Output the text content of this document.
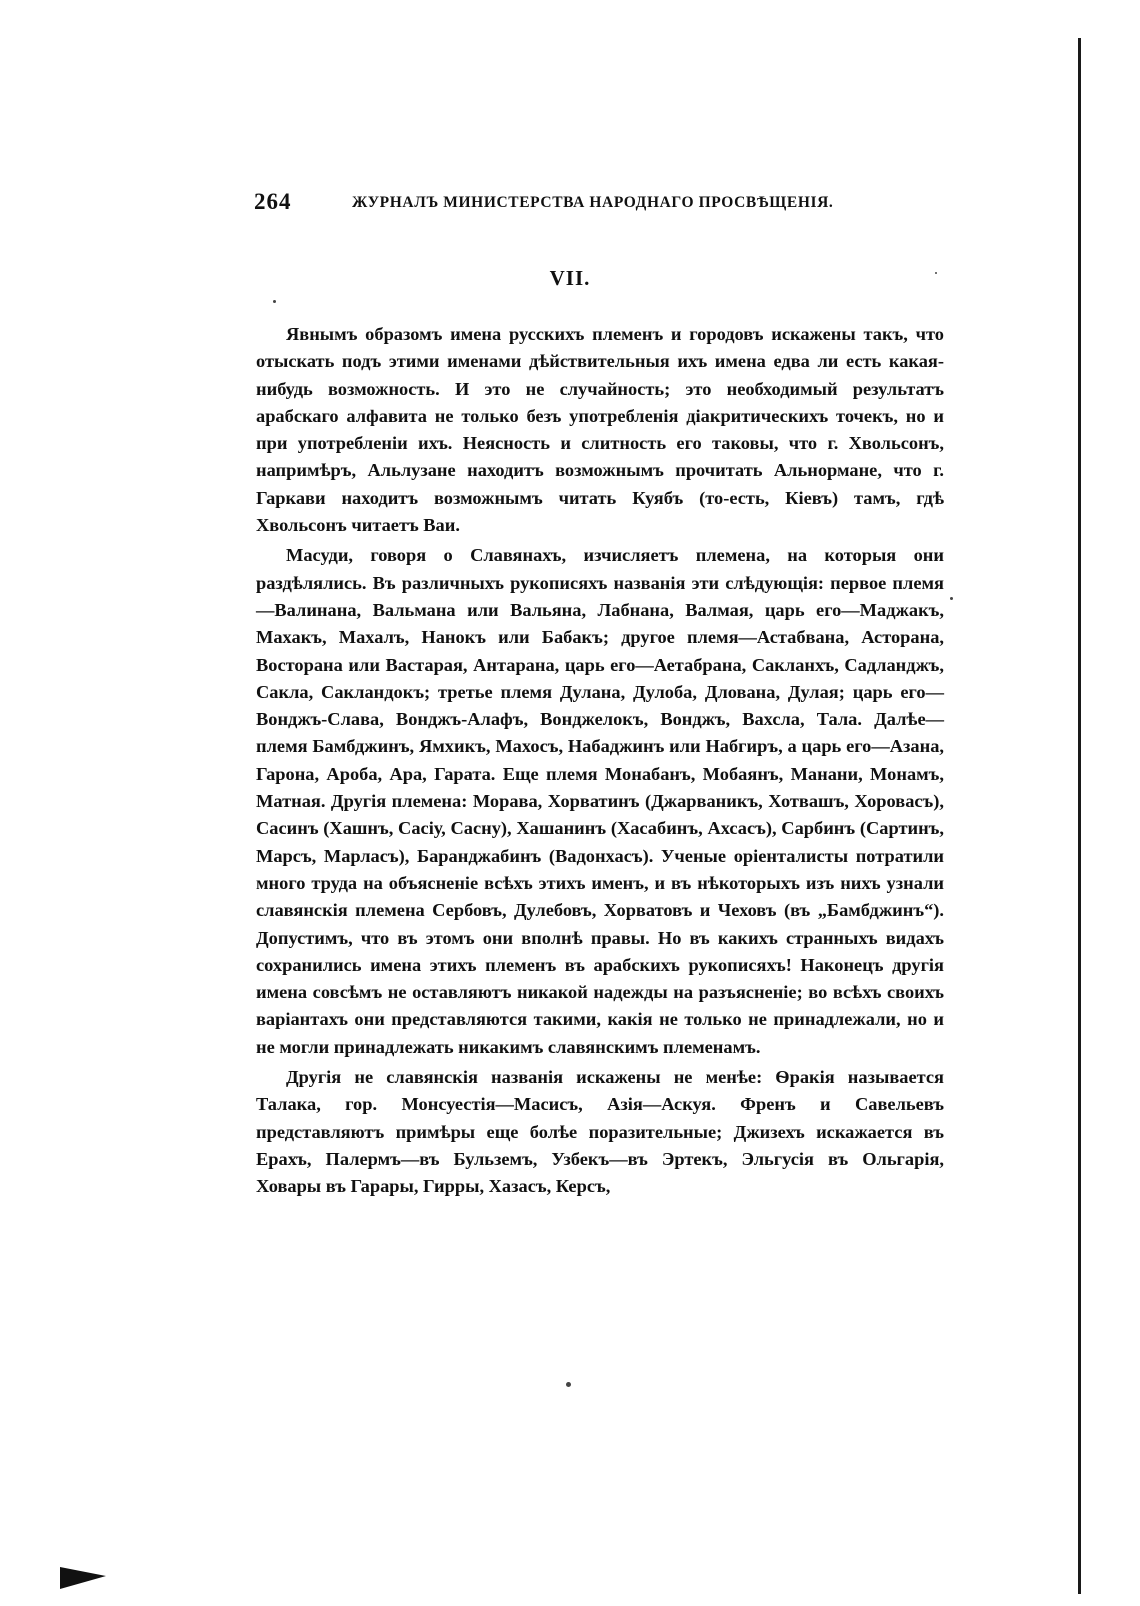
264	ЖУРНАЛЪ МИНИСТЕРСТВА НАРОДНАГО ПРОСВѢЩЕНІЯ.
VII.

Явнымъ образомъ имена русскихъ племенъ и городовъ искажены такъ, что отыскать подъ этими именами дѣйствительныя ихъ имена едва ли есть какая-нибудь возможность. И это не случайность; это необходимый результатъ арабскаго алфавита не только безъ употребленія діакритическихъ точекъ, но и при употребленіи ихъ. Неясность и слитность его таковы, что г. Хвольсонъ, напримѣръ, Альлузане находитъ возможнымъ прочитать Альнормане, что г. Гаркави находитъ возможнымъ читать Куябъ (то-есть, Кіевъ) тамъ, гдѣ Хвольсонъ читаетъ Ваи.

Масуди, говоря о Славянахъ, изчисляетъ племена, на которыя они раздѣлялись. Въ различныхъ рукописяхъ названія эти слѣдующія: первое племя—Валинана, Вальмана или Вальяна, Лабнана, Валмая, царь его—Маджакъ, Махакъ, Махалъ, Нанокъ или Бабакъ; другое племя—Астабвана, Асторана, Восторана или Вастарая, Антарана, царь его—Аетабрана, Сакланхъ, Садланджъ, Сакла, Сакландокъ; третье племя Дулана, Дулоба, Длована, Дулая; царь его—Вонджъ-Слава, Вонджъ-Алафъ, Вонджелокъ, Вонджъ, Вахсла, Тала. Далѣе—племя Бамбджинъ, Ямхикъ, Махосъ, Набаджинъ или Набгиръ, а царь его—Азана, Гарона, Ароба, Ара, Гарата. Еще племя Монабанъ, Мобаянъ, Манани, Монамъ, Матная. Другія племена: Морава, Хорватинъ (Джарваникъ, Хотвашъ, Хоровасъ), Сасинъ (Хашнъ, Сасіу, Сасну), Хашанинъ (Хасабинъ, Ахсасъ), Сарбинъ (Сартинъ, Марсъ, Марласъ), Баранджабинъ (Вадонхасъ). Ученые оріенталисты потратили много труда на объясненіе всѣхъ этихъ именъ, и въ нѣкоторыхъ изъ нихъ узнали славянскія племена Сербовъ, Дулебовъ, Хорватовъ и Чеховъ (въ „Бамбджинъ“). Допустимъ, что въ этомъ они вполнѣ правы. Но въ какихъ странныхъ видахъ сохранились имена этихъ племенъ въ арабскихъ рукописяхъ! Наконецъ другія имена совсѣмъ не оставляютъ никакой надежды на разъясненіе; во всѣхъ своихъ варіантахъ они представляются такими, какія не только не принадлежали, но и не могли принадлежать никакимъ славянскимъ племенамъ.

Другія не славянскія названія искажены не менѣе: Ѳракія называется Талака, гор. Монсуестія—Масисъ, Азія—Аскуя. Френъ и Савельевъ представляютъ примѣры еще болѣе поразительные; Джизехъ искажается въ Ерахъ, Палермъ—въ Бульземъ, Узбекъ—въ Эртекъ, Эльгусія въ Ольгарія, Ховары въ Гарары, Гирры, Хазасъ, Керсъ,
